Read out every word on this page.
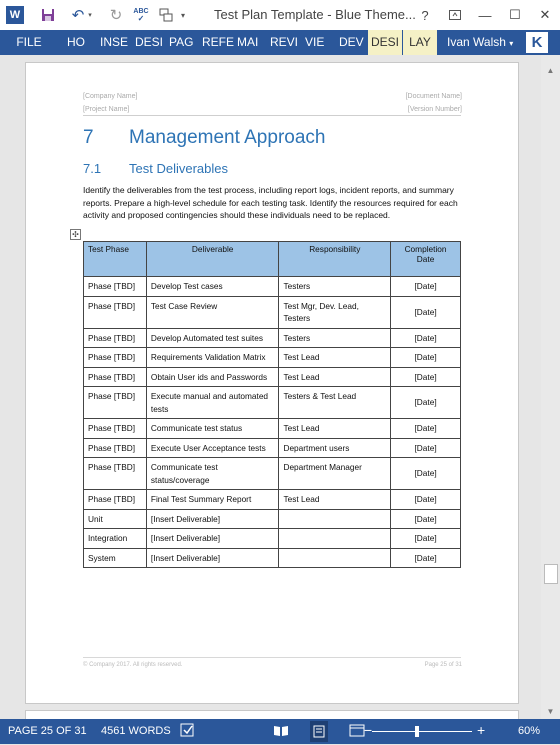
W	↶ ▾ ↻ ABC
✓	▾ Test Plan Template - Blue Theme... ?	—	☐	✕
FILE	HO INSE DESI PAG REFE MAI REVI VIE DEV DESI LAY	Ivan Walsh ▾	K
[Company Name]
[Project Name]
[Document Name]
[Version Number]
7 Management Approach
7.1 Test Deliverables
Identify the deliverables from the test process, including report logs, incident reports, and summary reports. Prepare a high-level schedule for each testing task. Identify the resources required for each activity and proposed contingencies should these individuals need to be replaced.
✣
Test Phase	Deliverable	Responsibility	Completion Date
Phase [TBD]	Develop Test cases	Testers	[Date]
Phase [TBD]	Test Case Review	Test Mgr, Dev. Lead, Testers	[Date]
Phase [TBD]	Develop Automated test suites	Testers	[Date]
Phase [TBD]	Requirements Validation Matrix	Test Lead	[Date]
Phase [TBD]	Obtain User ids and Passwords	Test Lead	[Date]
Phase [TBD]	Execute manual and automated tests	Testers & Test Lead	[Date]
Phase [TBD]	Communicate test status	Test Lead	[Date]
Phase [TBD]	Execute User Acceptance tests	Department users	[Date]
Phase [TBD]	Communicate test status/coverage	Department Manager	[Date]
Phase [TBD]	Final Test Summary Report	Test Lead	[Date]
Unit	[Insert Deliverable]		[Date]
Integration	[Insert Deliverable]		[Date]
System	[Insert Deliverable]		[Date]
© Company 2017. All rights reserved.	Page 25 of 31
▲
▼
PAGE 25 OF 31 4561 WORDS	−	+	60%
